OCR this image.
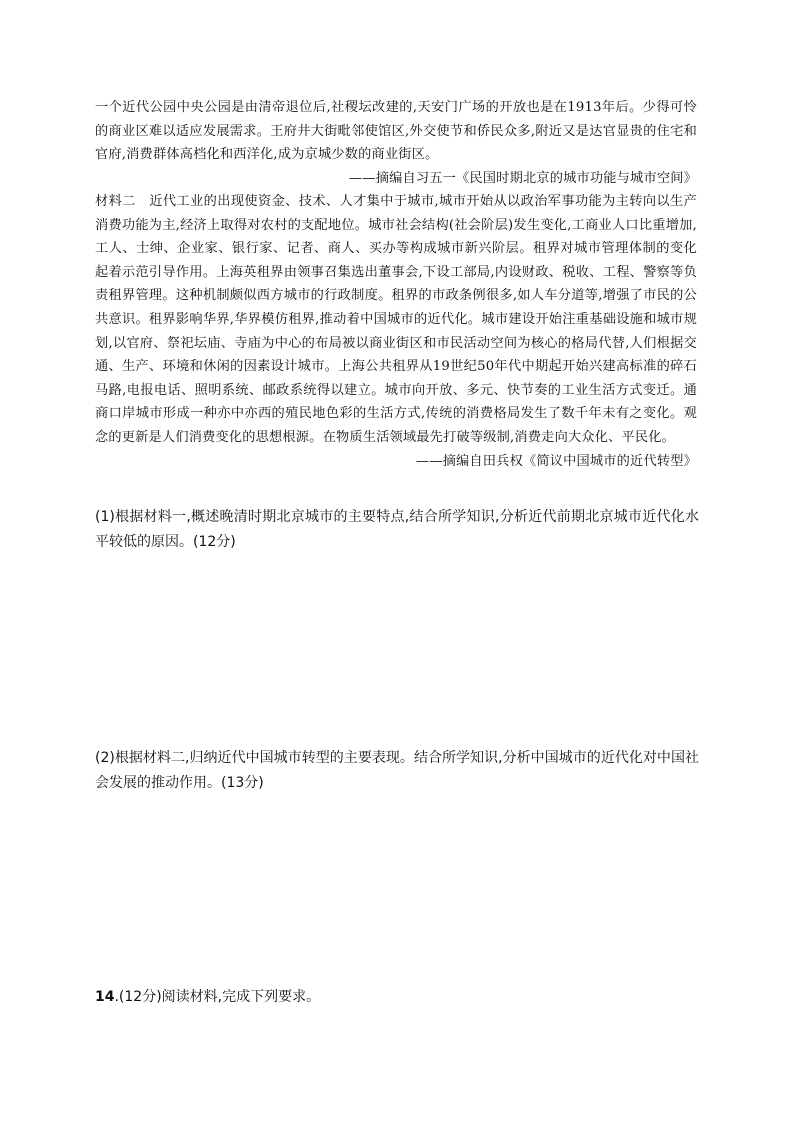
一个近代公园中央公园是由清帝退位后,社稷坛改建的,天安门广场的开放也是在1913年后。少得可怜的商业区难以适应发展需求。王府井大街毗邻使馆区,外交使节和侨民众多,附近又是达官显贵的住宅和官府,消费群体高档化和西洋化,成为京城少数的商业街区。

——摘编自习五一《民国时期北京的城市功能与城市空间》

材料二　 近代工业的出现使资金、技术、人才集中于城市,城市开始从以政治军事功能为主转向以生产消费功能为主,经济上取得对农村的支配地位。城市社会结构(社会阶层)发生变化,工商业人口比重增加,工人、士绅、企业家、银行家、记者、商人、买办等构成城市新兴阶层。租界对城市管理体制的变化起着示范引导作用。上海英租界由领事召集选出董事会,下设工部局,内设财政、税收、工程、警察等负责租界管理。这种机制颇似西方城市的行政制度。租界的市政条例很多,如人车分道等,增强了市民的公共意识。租界影响华界,华界模仿租界,推动着中国城市的近代化。城市建设开始注重基础设施和城市规划,以官府、祭祀坛庙、寺庙为中心的布局被以商业街区和市民活动空间为核心的格局代替,人们根据交通、生产、环境和休闲的因素设计城市。上海公共租界从19世纪50年代中期起开始兴建高标准的碎石马路,电报电话、照明系统、邮政系统得以建立。城市向开放、多元、快节奏的工业生活方式变迁。通商口岸城市形成一种亦中亦西的殖民地色彩的生活方式,传统的消费格局发生了数千年未有之变化。观念的更新是人们消费变化的思想根源。在物质生活领域最先打破等级制,消费走向大众化、平民化。

——摘编自田兵权《简议中国城市的近代转型》

(1)根据材料一,概述晚清时期北京城市的主要特点,结合所学知识,分析近代前期北京城市近代化水平较低的原因。(12分)

(2)根据材料二,归纳近代中国城市转型的主要表现。结合所学知识,分析中国城市的近代化对中国社会发展的推动作用。(13分)

14.(12分)阅读材料,完成下列要求。
